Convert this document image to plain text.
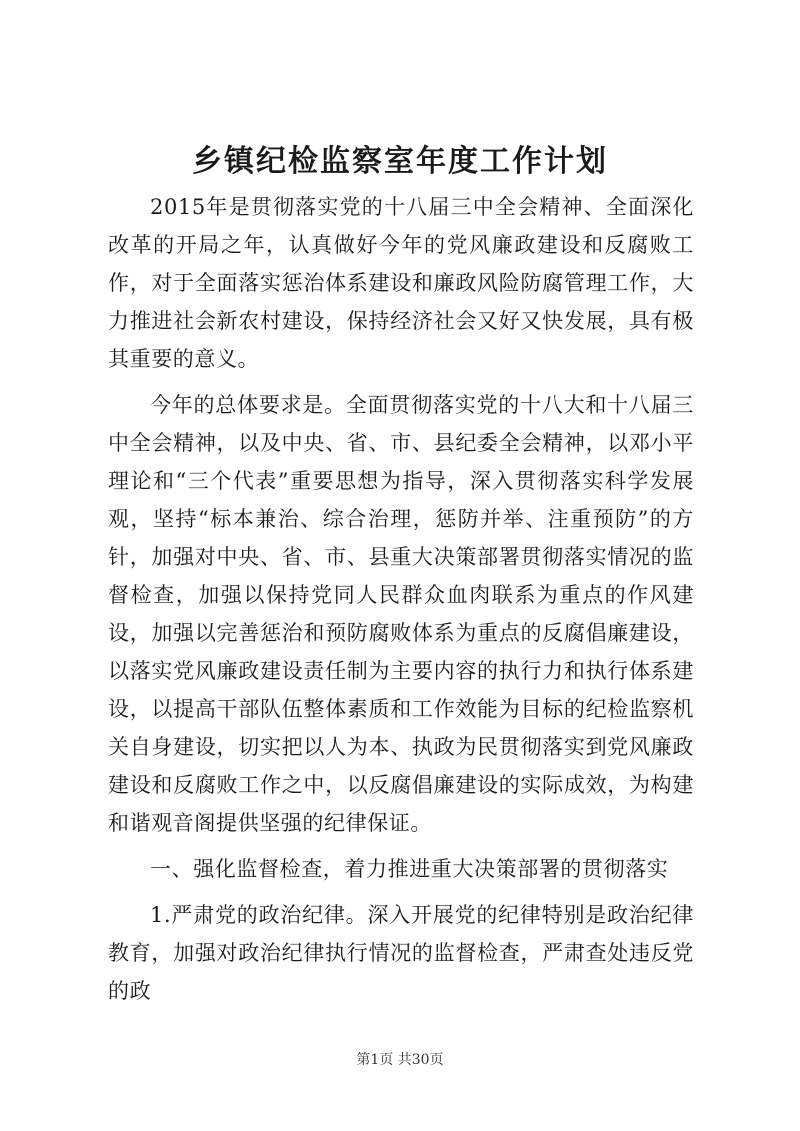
乡镇纪检监察室年度工作计划

2015年是贯彻落实党的十八届三中全会精神、全面深化改革的开局之年，认真做好今年的党风廉政建设和反腐败工作，对于全面落实惩治体系建设和廉政风险防腐管理工作，大力推进社会新农村建设，保持经济社会又好又快发展，具有极其重要的意义。

今年的总体要求是。全面贯彻落实党的十八大和十八届三中全会精神，以及中央、省、市、县纪委全会精神，以邓小平理论和“三个代表”重要思想为指导，深入贯彻落实科学发展观，坚持“标本兼治、综合治理，惩防并举、注重预防”的方针，加强对中央、省、市、县重大决策部署贯彻落实情况的监督检查，加强以保持党同人民群众血肉联系为重点的作风建设，加强以完善惩治和预防腐败体系为重点的反腐倡廉建设，以落实党风廉政建设责任制为主要内容的执行力和执行体系建设，以提高干部队伍整体素质和工作效能为目标的纪检监察机关自身建设，切实把以人为本、执政为民贯彻落实到党风廉政建设和反腐败工作之中，以反腐倡廉建设的实际成效，为构建和谐观音阁提供坚强的纪律保证。

一、强化监督检查，着力推进重大决策部署的贯彻落实

1.严肃党的政治纪律。深入开展党的纪律特别是政治纪律教育，加强对政治纪律执行情况的监督检查，严肃查处违反党的政

第1页 共30页
